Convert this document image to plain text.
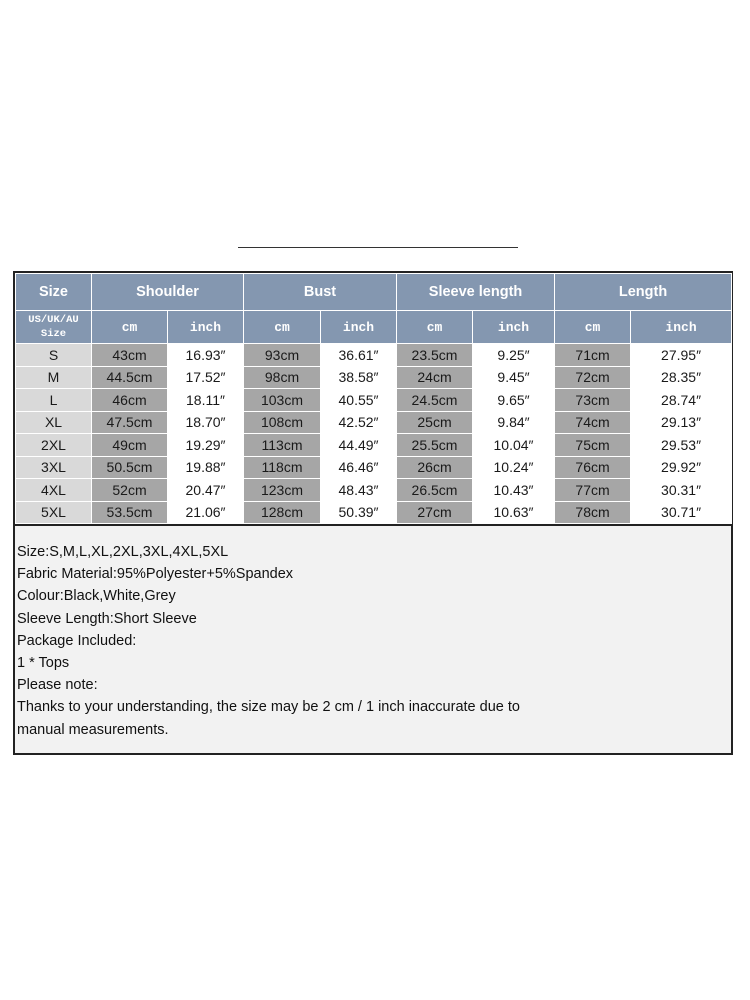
Size	Shoulder		Bust		Sleeve length		Length	

US/UK/AU
Size	cm	inch	cm	inch	cm	inch	cm	inch
S	43cm	16.93″	93cm	36.61″	23.5cm	9.25″	71cm	27.95″
M	44.5cm	17.52″	98cm	38.58″	24cm	9.45″	72cm	28.35″
L	46cm	18.11″	103cm	40.55″	24.5cm	9.65″	73cm	28.74″
XL	47.5cm	18.70″	108cm	42.52″	25cm	9.84″	74cm	29.13″
2XL	49cm	19.29″	113cm	44.49″	25.5cm	10.04″	75cm	29.53″
3XL	50.5cm	19.88″	118cm	46.46″	26cm	10.24″	76cm	29.92″
4XL	52cm	20.47″	123cm	48.43″	26.5cm	10.43″	77cm	30.31″
5XL	53.5cm	21.06″	128cm	50.39″	27cm	10.63″	78cm	30.71″
Size:S,M,L,XL,2XL,3XL,4XL,5XL
Fabric Material:95%Polyester+5%Spandex
Colour:Black,White,Grey
Sleeve Length:Short Sleeve
Package Included:
1 * Tops
Please note:
Thanks to your understanding, the size may be 2 cm / 1 inch inaccurate due to manual measurements.
